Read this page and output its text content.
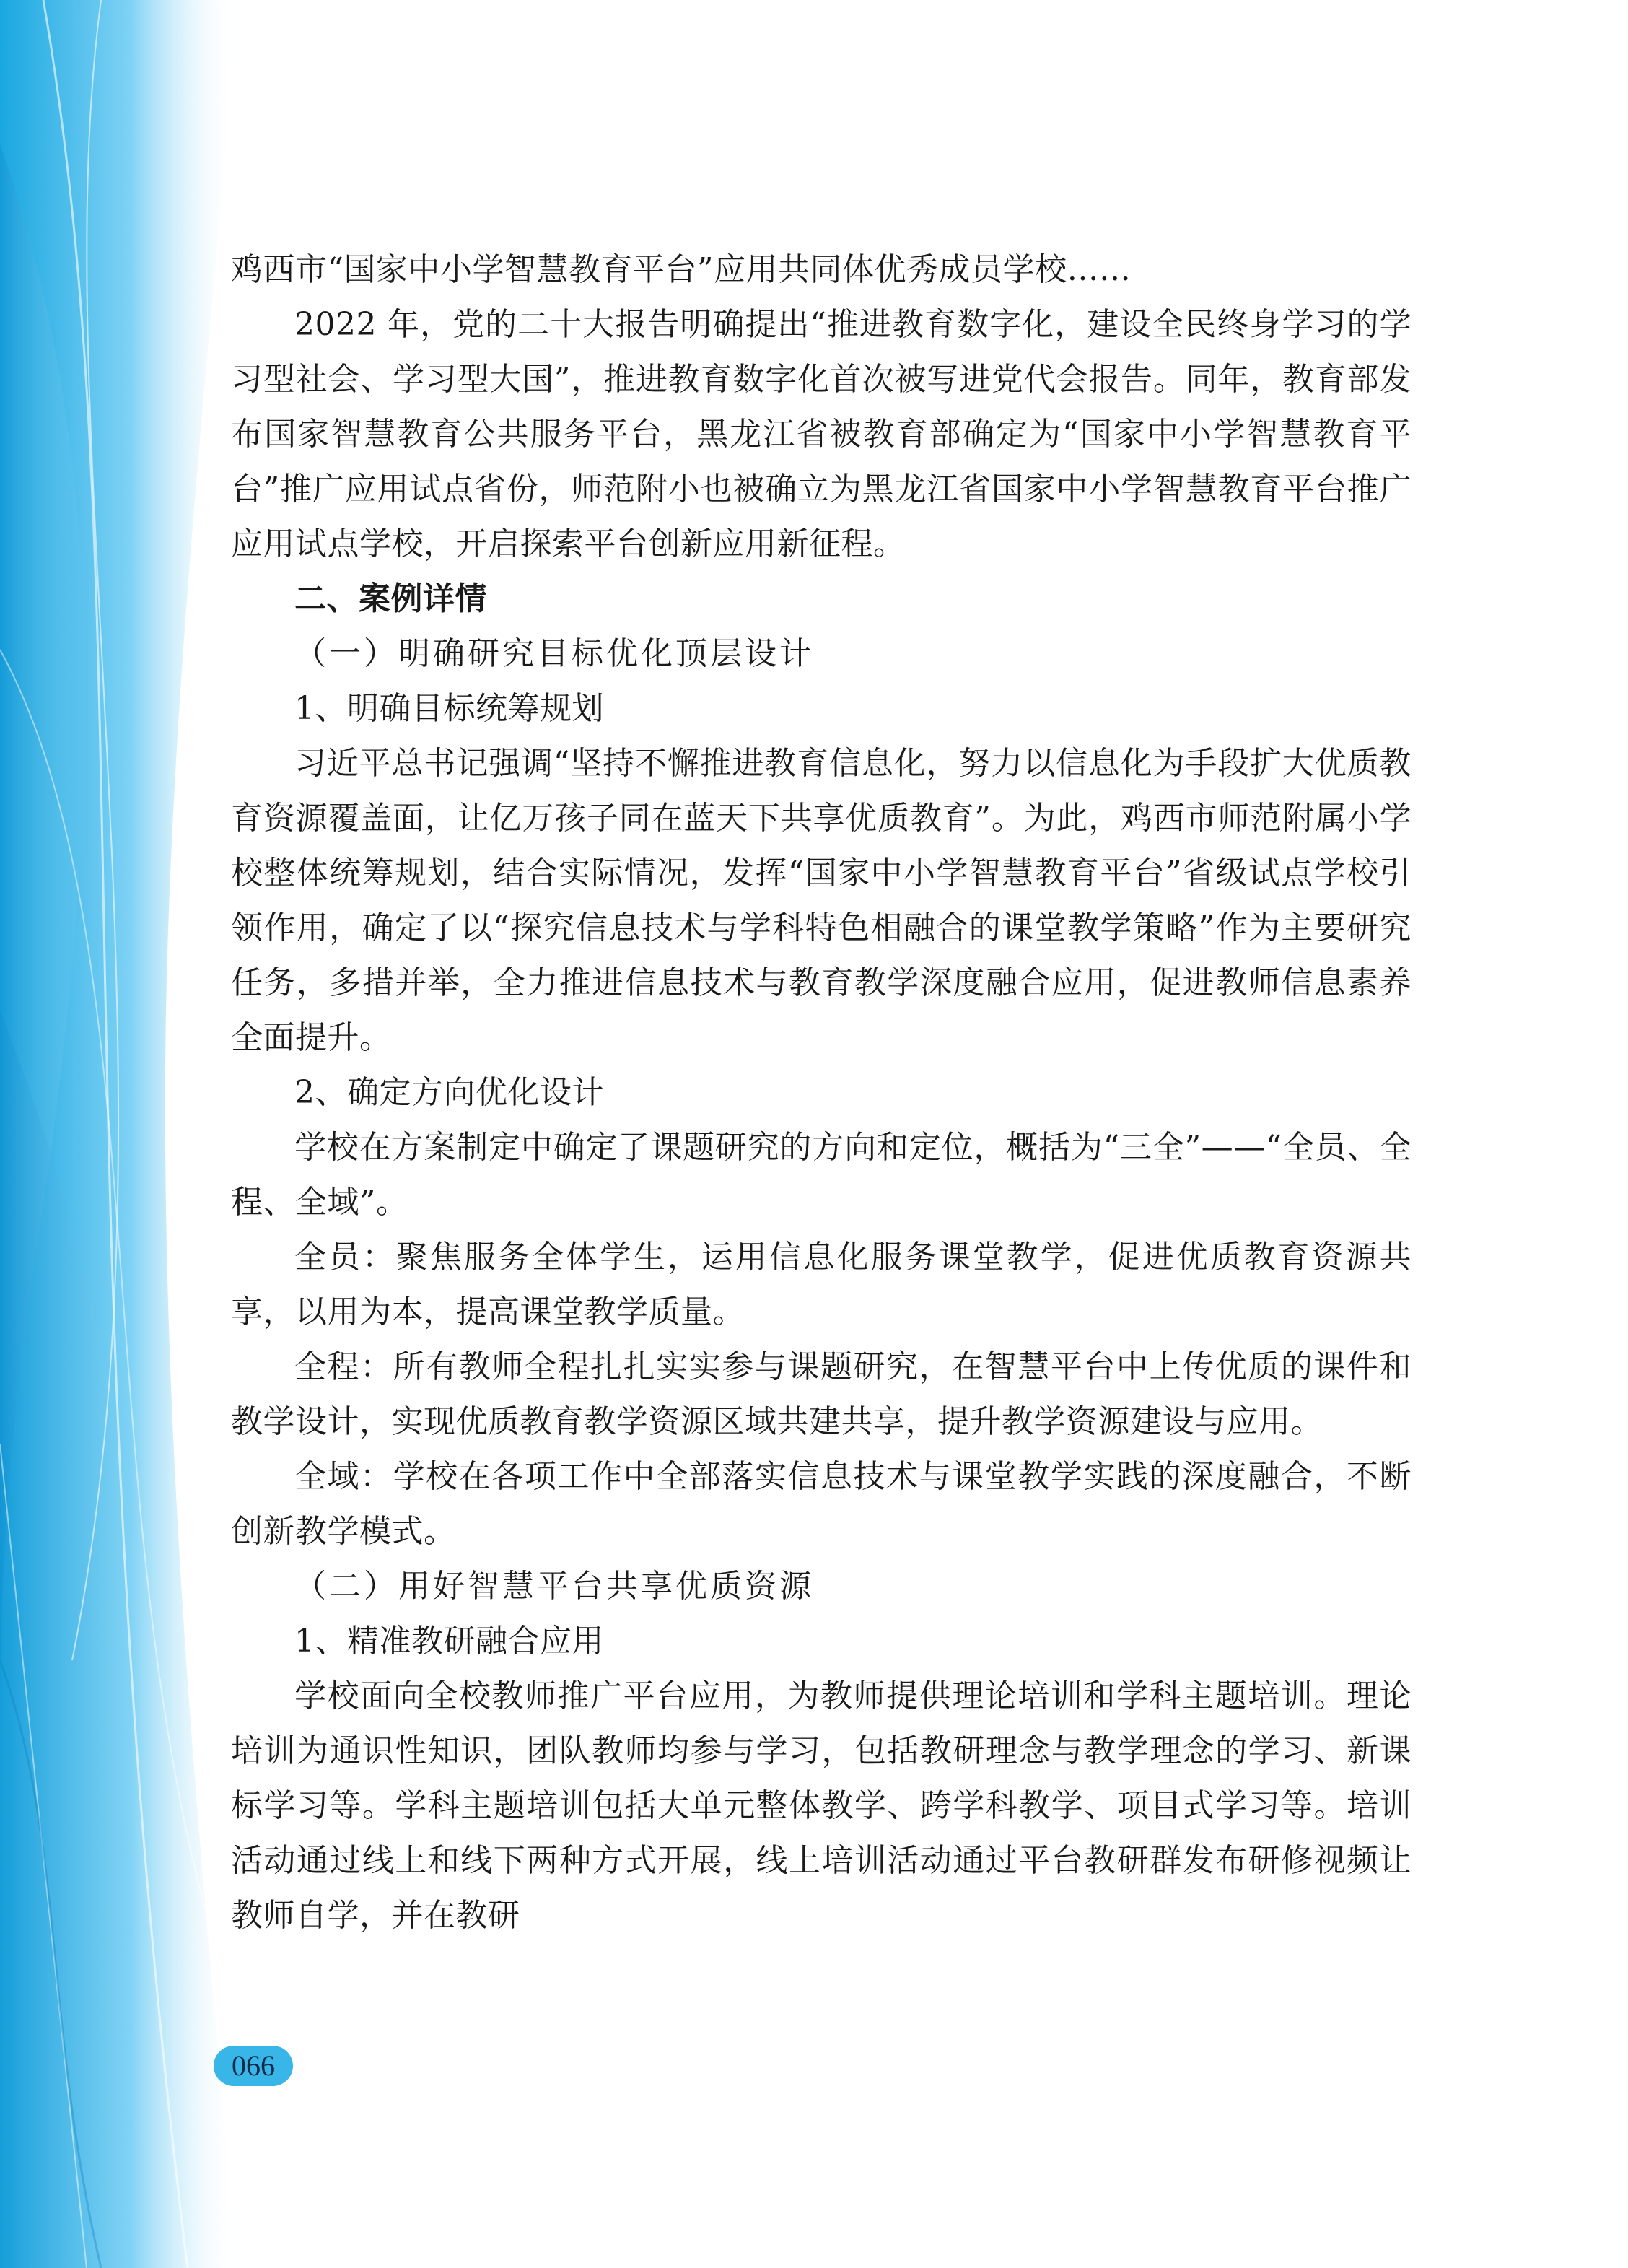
鸡西市“国家中小学智慧教育平台”应用共同体优秀成员学校……

2022 年，党的二十大报告明确提出“推进教育数字化，建设全民终身学习的学习型社会、学习型大国”，推进教育数字化首次被写进党代会报告。同年，教育部发布国家智慧教育公共服务平台，黑龙江省被教育部确定为“国家中小学智慧教育平台”推广应用试点省份，师范附小也被确立为黑龙江省国家中小学智慧教育平台推广应用试点学校，开启探索平台创新应用新征程。

二、案例详情

（一）明确研究目标优化顶层设计

1、明确目标统筹规划

习近平总书记强调“坚持不懈推进教育信息化，努力以信息化为手段扩大优质教育资源覆盖面，让亿万孩子同在蓝天下共享优质教育”。为此，鸡西市师范附属小学校整体统筹规划，结合实际情况，发挥“国家中小学智慧教育平台”省级试点学校引领作用，确定了以“探究信息技术与学科特色相融合的课堂教学策略”作为主要研究任务，多措并举，全力推进信息技术与教育教学深度融合应用，促进教师信息素养全面提升。

2、确定方向优化设计

学校在方案制定中确定了课题研究的方向和定位，概括为“三全”——“全员、全程、全域”。

全员：聚焦服务全体学生，运用信息化服务课堂教学，促进优质教育资源共享，以用为本，提高课堂教学质量。

全程：所有教师全程扎扎实实参与课题研究，在智慧平台中上传优质的课件和教学设计，实现优质教育教学资源区域共建共享，提升教学资源建设与应用。

全域：学校在各项工作中全部落实信息技术与课堂教学实践的深度融合，不断创新教学模式。

（二）用好智慧平台共享优质资源

1、精准教研融合应用

学校面向全校教师推广平台应用，为教师提供理论培训和学科主题培训。理论培训为通识性知识，团队教师均参与学习，包括教研理念与教学理念的学习、新课标学习等。学科主题培训包括大单元整体教学、跨学科教学、项目式学习等。培训活动通过线上和线下两种方式开展，线上培训活动通过平台教研群发布研修视频让教师自学，并在教研

066
